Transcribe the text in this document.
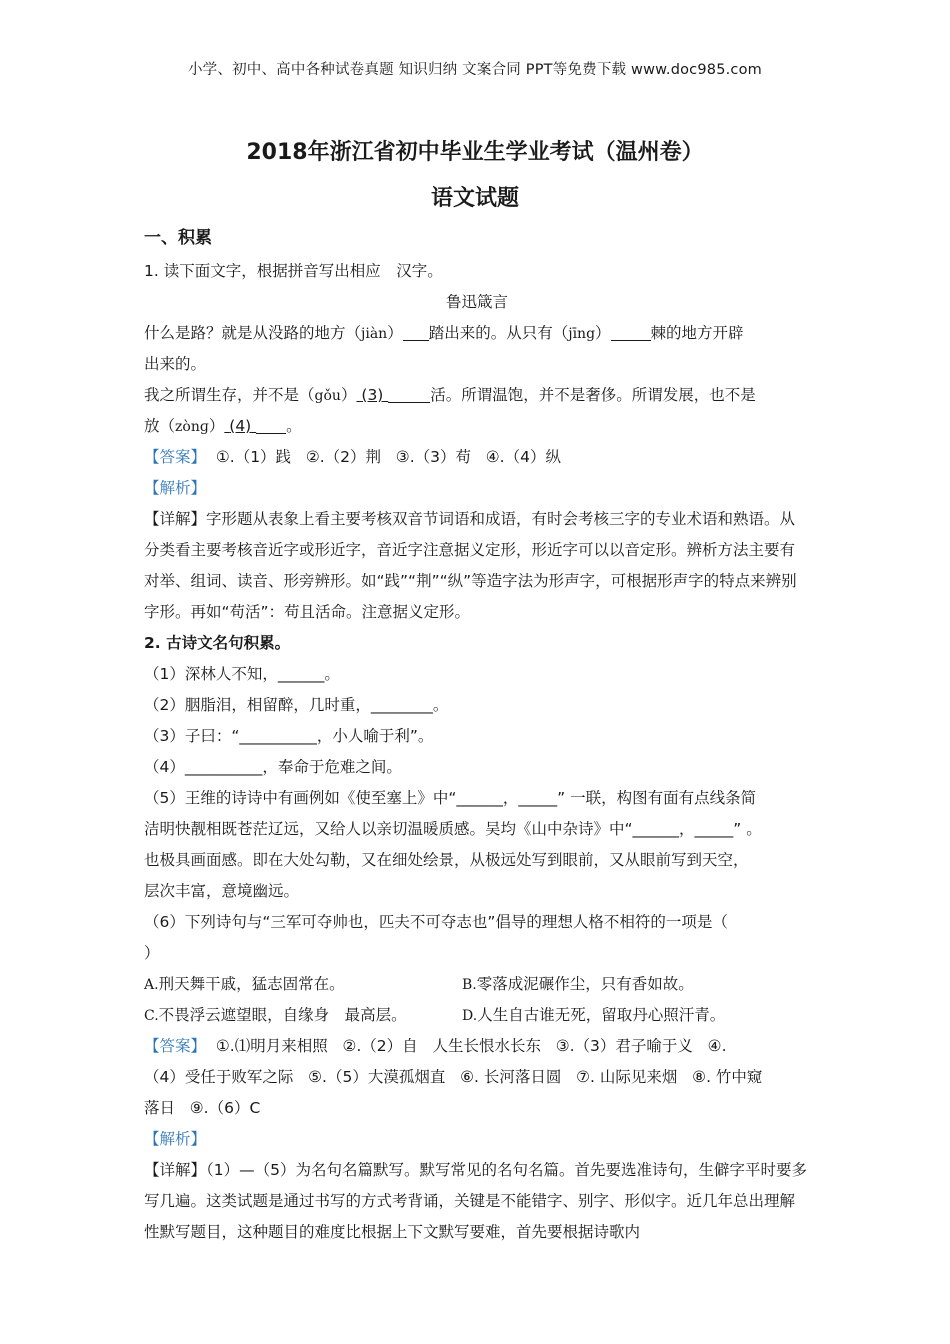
小学、初中、高中各种试卷真题 知识归纳 文案合同 PPT等免费下载 www.doc985.com
2018年浙江省初中毕业生学业考试（温州卷）
语文试题
一、积累
1. 读下面文字，根据拼音写出相应　汉字。
鲁迅箴言
什么是路？就是从没路的地方（jiàn） 踏出来的。从只有（jīng）	棘的地方开辟
出来的。
我之所谓生存，并不是（gǒu） (3)	活。所谓温饱，并不是奢侈。所谓发展，也不是
放（zònɡ） (4) 。
【答案】  ①.（1）践   ②.（2）荆   ③.（3）苟   ④.（4）纵
【解析】
【详解】字形题从表象上看主要考核双音节词语和成语，有时会考核三字的专业术语和熟语。从分类看主要考核音近字或形近字，音近字注意据义定形，形近字可以以音定形。辨析方法主要有对举、组词、读音、形旁辨形。如“践”“荆”“纵”等造字法为形声字，可根据形声字的特点来辨别字形。再如“苟活”：苟且活命。注意据义定形。
2. 古诗文名句积累。
（1）深林人不知，______。
（2）胭脂泪，相留醉，几时重，________。
（3）子曰：“__________，小人喻于利”。
（4）__________，奉命于危难之间。
（5）王维的诗诗中有画例如《使至塞上》中“______，_____” 一联，构图有面有点线条简
洁明快靓相既苍茫辽远，又给人以亲切温暖质感。吴均《山中杂诗》中“______，_____” 。
也极具画面感。即在大处勾勒，又在细处绘景，从极远处写到眼前，又从眼前写到天空，
层次丰富，意境幽远。
（6）下列诗句与“三军可夺帅也，匹夫不可夺志也”倡导的理想人格不相符的一项是（
）
A.刑天舞干戚，猛志固常在。	B.零落成泥碾作尘，只有香如故。
C.不畏浮云遮望眼，自缘身　最高层。	D.人生自古谁无死，留取丹心照汗青。
【答案】  ①.⑴明月来相照   ②.（2）自   人生长恨水长东   ③.（3）君子喻于义   ④.
（4）受任于败军之际   ⑤.（5）大漠孤烟直   ⑥. 长河落日圆   ⑦. 山际见来烟   ⑧. 竹中窥
落日   ⑨.（6）C
【解析】
【详解】（1）—（5）为名句名篇默写。默写常见的名句名篇。首先要选准诗句，生僻字平时要多写几遍。这类试题是通过书写的方式考背诵，关键是不能错字、别字、形似字。近几年总出理解性默写题目，这种题目的难度比根据上下文默写要难，首先要根据诗歌内
